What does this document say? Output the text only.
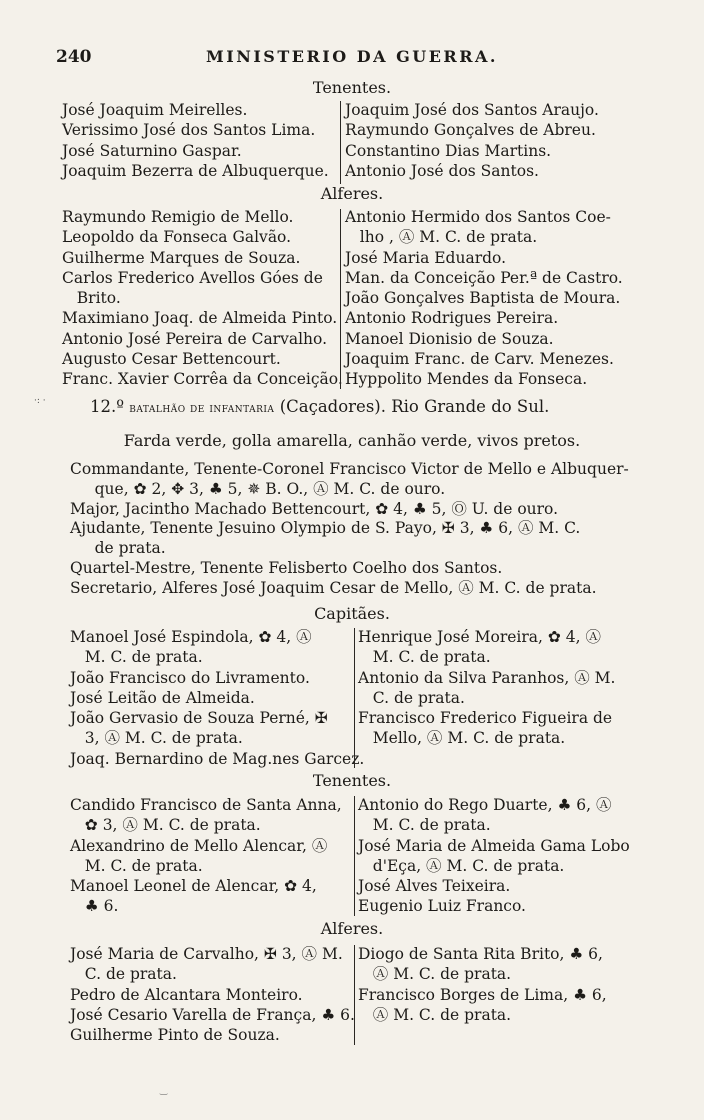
240	MINISTERIO DA GUERRA.
Tenentes.
José Joaquim Meirelles.
Verissimo José dos Santos Lima.
José Saturnino Gaspar.
Joaquim Bezerra de Albuquerque.
Joaquim José dos Santos Araujo.
Raymundo Gonçalves de Abreu.
Constantino Dias Martins.
Antonio José dos Santos.
Alferes.
Raymundo Remigio de Mello.
Leopoldo da Fonseca Galvão.
Guilherme Marques de Souza.
Carlos Frederico Avellos Góes de
Brito.
Maximiano Joaq. de Almeida Pinto.
Antonio José Pereira de Carvalho.
Augusto Cesar Bettencourt.
Franc. Xavier Corrêa da Conceição.
Antonio Hermido dos Santos Coe-
lho , Ⓐ M. C. de prata.
José Maria Eduardo.
Man. da Conceição Per.ª de Castro.
João Gonçalves Baptista de Moura.
Antonio Rodrigues Pereira.
Manoel Dionisio de Souza.
Joaquim Franc. de Carv. Menezes.
Hyppolito Mendes da Fonseca.
12.º batalhão de infantaria (Caçadores). Rio Grande do Sul.
Farda verde, golla amarella, canhão verde, vivos pretos.
Commandante, Tenente-Coronel Francisco Victor de Mello e Albuquer-
que, ✿ 2, ✥ 3, ♣ 5, ✵ B. O., Ⓐ M. C. de ouro.
Major, Jacintho Machado Bettencourt, ✿ 4, ♣ 5, Ⓞ U. de ouro.
Ajudante, Tenente Jesuino Olympio de S. Payo, ✠ 3, ♣ 6, Ⓐ M. C.
de prata.
Quartel-Mestre, Tenente Felisberto Coelho dos Santos.
Secretario, Alferes José Joaquim Cesar de Mello, Ⓐ M. C. de prata.
Capitães.
Manoel José Espindola, ✿ 4, Ⓐ
M. C. de prata.
João Francisco do Livramento.
José Leitão de Almeida.
João Gervasio de Souza Perné, ✠
3, Ⓐ M. C. de prata.
Joaq. Bernardino de Mag.nes Garcez.
Henrique José Moreira, ✿ 4, Ⓐ
M. C. de prata.
Antonio da Silva Paranhos, Ⓐ M.
C. de prata.
Francisco Frederico Figueira de
Mello, Ⓐ M. C. de prata.
Tenentes.
Candido Francisco de Santa Anna,
✿ 3, Ⓐ M. C. de prata.
Alexandrino de Mello Alencar, Ⓐ
M. C. de prata.
Manoel Leonel de Alencar, ✿ 4,
♣ 6.
Antonio do Rego Duarte, ♣ 6, Ⓐ
M. C. de prata.
José Maria de Almeida Gama Lobo
d'Eça, Ⓐ M. C. de prata.
José Alves Teixeira.
Eugenio Luiz Franco.
Alferes.
José Maria de Carvalho, ✠ 3, Ⓐ M.
C. de prata.
Pedro de Alcantara Monteiro.
José Cesario Varella de França, ♣ 6.
Guilherme Pinto de Souza.
Diogo de Santa Rita Brito, ♣ 6,
Ⓐ M. C. de prata.
Francisco Borges de Lima, ♣ 6,
Ⓐ M. C. de prata.
·: ·
‿
